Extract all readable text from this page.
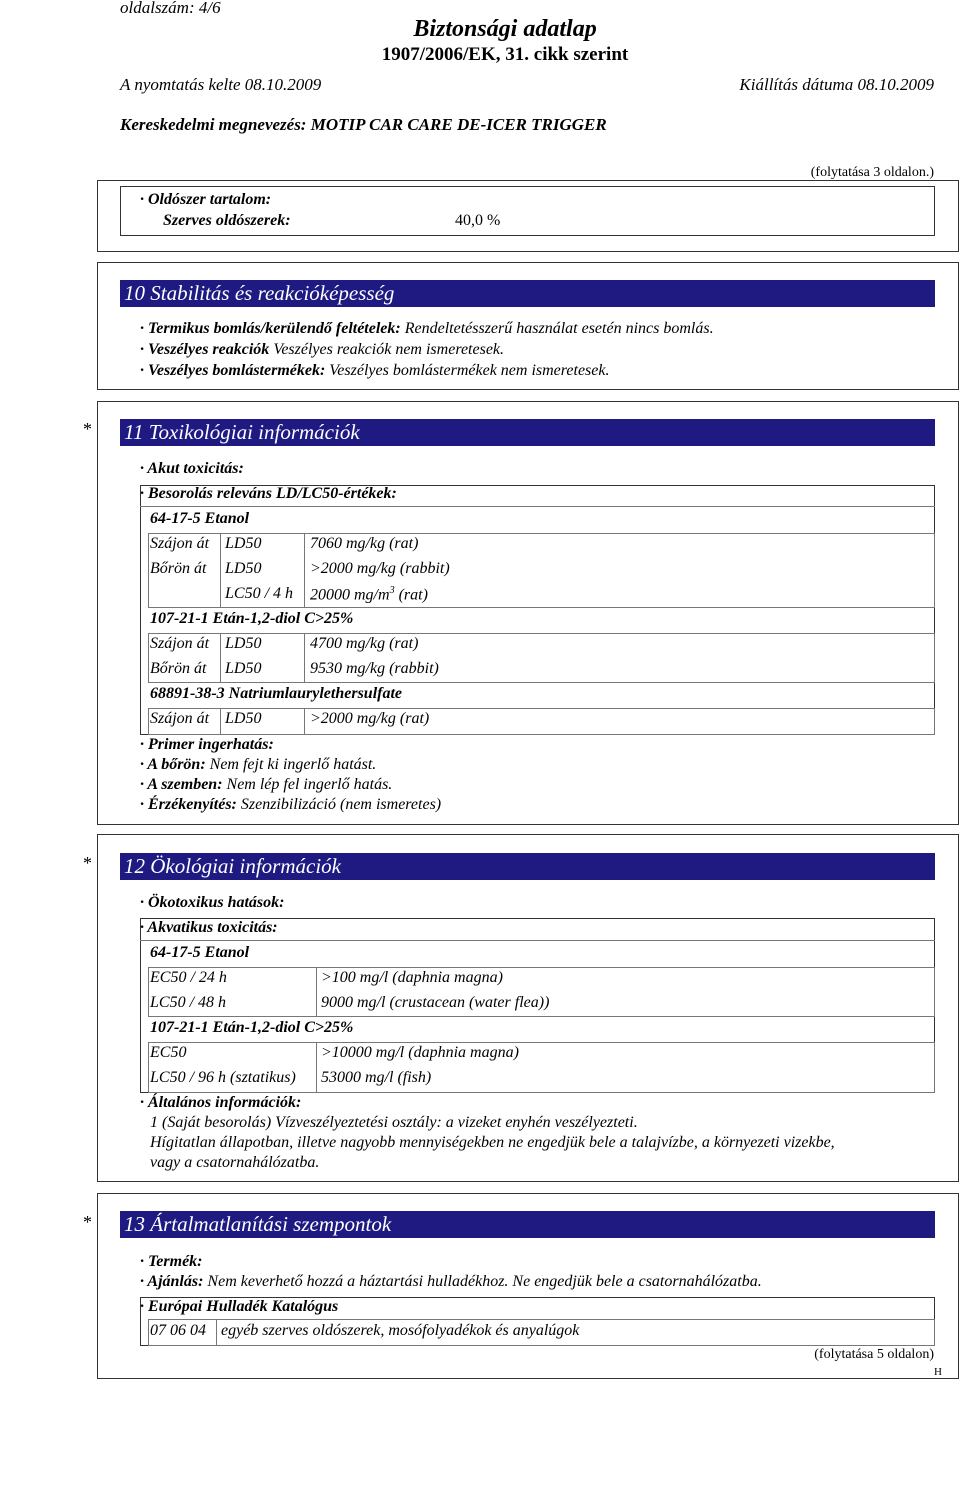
oldalszám: 4/6
Biztonsági adatlap
1907/2006/EK, 31. cikk szerint
A nyomtatás kelte 08.10.2009	Kiállítás dátuma 08.10.2009
Kereskedelmi megnevezés: MOTIP CAR CARE DE-ICER TRIGGER
(folytatása 3 oldalon.)
· Oldószer tartalom:
Szerves oldószerek:	40,0 %
10 Stabilitás és reakcióképesség
· Termikus bomlás/kerülendő feltételek: Rendeltetésszerű használat esetén nincs bomlás.
· Veszélyes reakciók Veszélyes reakciók nem ismeretesek.
· Veszélyes bomlástermékek: Veszélyes bomlástermékek nem ismeretesek.
* 11 Toxikológiai információk
· Akut toxicitás:
· Besorolás releváns LD/LC50-értékek:
64-17-5 Etanol
Szájon át LD50	7060 mg/kg (rat)
Bőrön át LD50	>2000 mg/kg (rabbit)
LC50 / 4 h 20000 $mg/m^3$ (rat)
107-21-1 Etán-1,2-diol C>25%
Szájon át LD50	4700 mg/kg (rat)
Bőrön át LD50	9530 mg/kg (rabbit)
68891-38-3 Natriumlaurylethersulfate
Szájon át LD50	>2000 mg/kg (rat)
· Primer ingerhatás:
· A bőrön: Nem fejt ki ingerlő hatást.
· A szemben: Nem lép fel ingerlő hatás.
· Érzékenyítés: Szenzibilizáció (nem ismeretes)
* 12 Ökológiai információk
· Ökotoxikus hatások:
· Akvatikus toxicitás:
64-17-5 Etanol
EC50 / 24 h	>100 mg/l (daphnia magna)
LC50 / 48 h	9000 mg/l (crustacean (water flea))
107-21-1 Etán-1,2-diol C>25%
EC50	>10000 mg/l (daphnia magna)
LC50 / 96 h (sztatikus) 53000 mg/l (fish)
· Általános információk:
1 (Saját besorolás) Vízveszélyeztetési osztály: a vizeket enyhén veszélyezteti.
Hígitatlan állapotban, illetve nagyobb mennyiségekben ne engedjük bele a talajvízbe, a környezeti vizekbe,
vagy a csatornahálózatba.
* 13 Ártalmatlanítási szempontok
· Termék:
· Ajánlás: Nem keverhető hozzá a háztartási hulladékhoz. Ne engedjük bele a csatornahálózatba.
· Európai Hulladék Katalógus
07 06 04 egyéb szerves oldószerek, mosófolyadékok és anyalúgok
(folytatása 5 oldalon)
H
